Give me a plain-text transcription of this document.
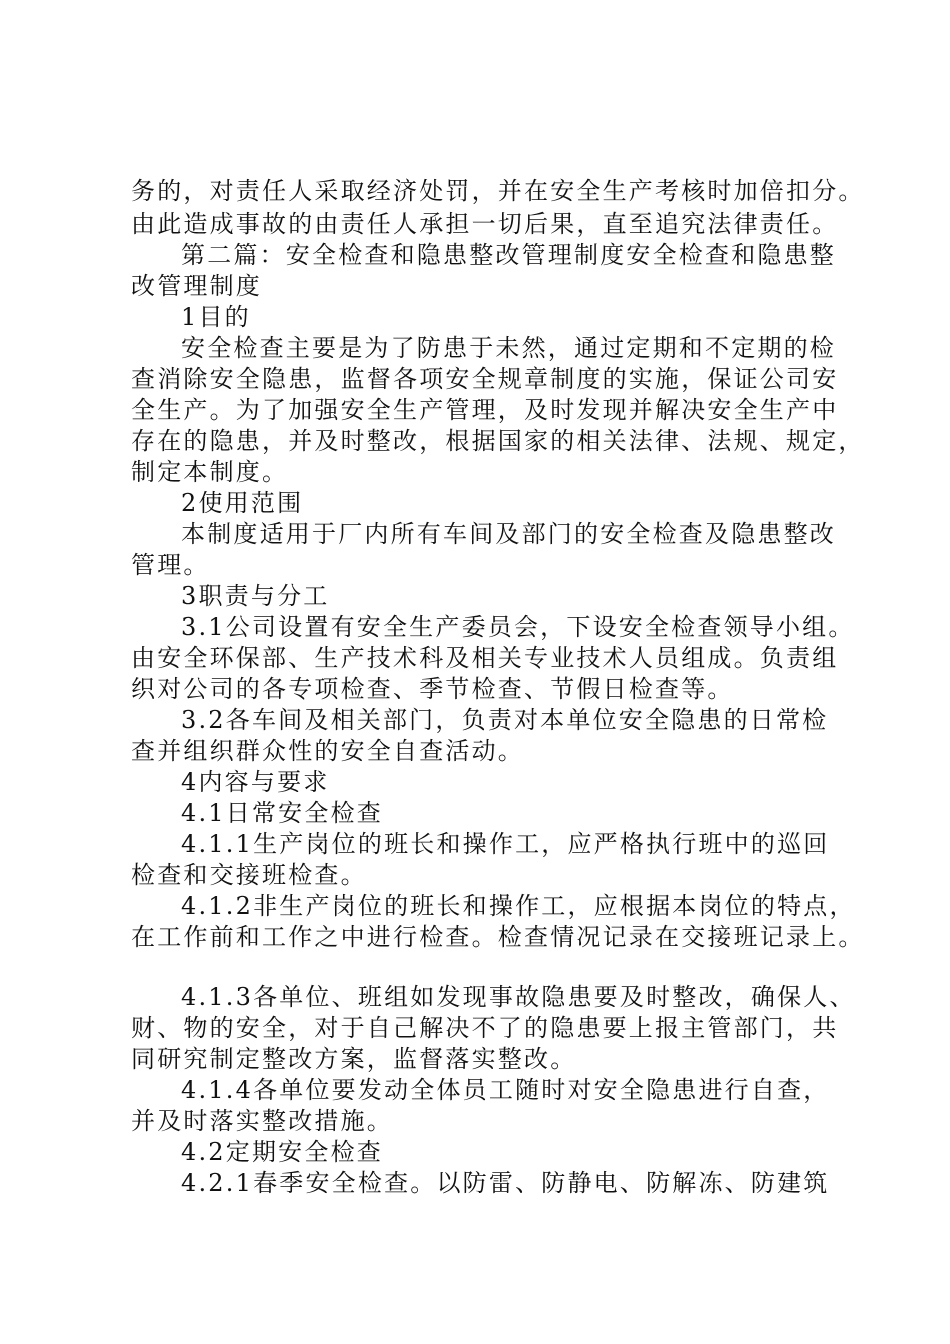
务的，对责任人采取经济处罚，并在安全生产考核时加倍扣分。
由此造成事故的由责任人承担一切后果，直至追究法律责任。
第二篇：安全检查和隐患整改管理制度安全检查和隐患整
改管理制度
1目的
安全检查主要是为了防患于未然，通过定期和不定期的检
查消除安全隐患，监督各项安全规章制度的实施，保证公司安
全生产。为了加强安全生产管理，及时发现并解决安全生产中
存在的隐患，并及时整改，根据国家的相关法律、法规、规定，
制定本制度。
2使用范围
本制度适用于厂内所有车间及部门的安全检查及隐患整改
管理。
3职责与分工
3.1公司设置有安全生产委员会，下设安全检查领导小组。
由安全环保部、生产技术科及相关专业技术人员组成。负责组
织对公司的各专项检查、季节检查、节假日检查等。
3.2各车间及相关部门，负责对本单位安全隐患的日常检
查并组织群众性的安全自查活动。
4内容与要求
4.1日常安全检查
4.1.1生产岗位的班长和操作工，应严格执行班中的巡回
检查和交接班检查。
4.1.2非生产岗位的班长和操作工，应根据本岗位的特点，
在工作前和工作之中进行检查。检查情况记录在交接班记录上。
4.1.3各单位、班组如发现事故隐患要及时整改，确保人、
财、物的安全，对于自己解决不了的隐患要上报主管部门，共
同研究制定整改方案，监督落实整改。
4.1.4各单位要发动全体员工随时对安全隐患进行自查，
并及时落实整改措施。
4.2定期安全检查
4.2.1春季安全检查。以防雷、防静电、防解冻、防建筑
